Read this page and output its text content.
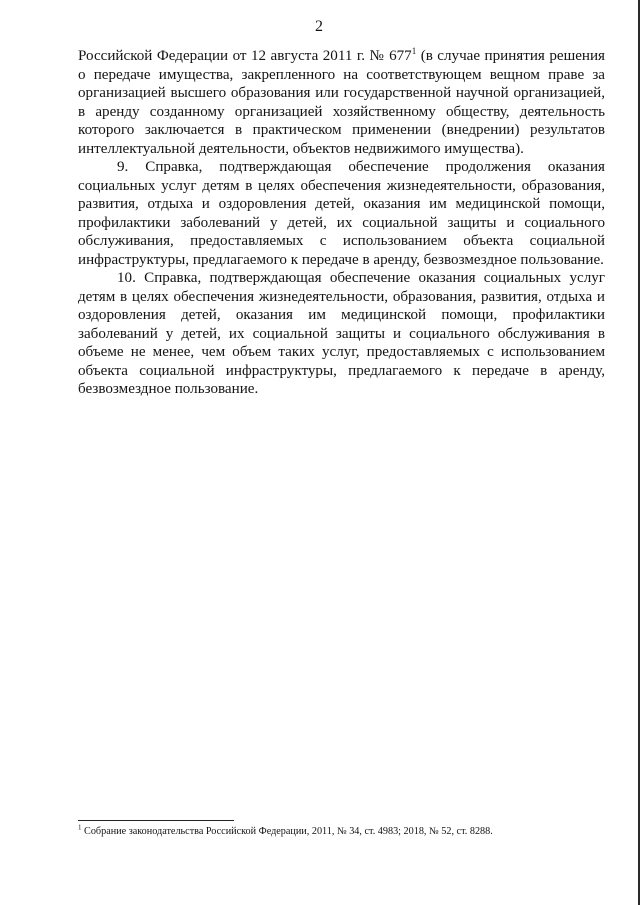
2

Российской Федерации от 12 августа 2011 г. № $677^1$ (в случае принятия решения о передаче имущества, закрепленного на соответствующем вещном праве за организацией высшего образования или государственной научной организацией, в аренду созданному организацией хозяйственному обществу, деятельность которого заключается в практическом применении (внедрении) результатов интеллектуальной деятельности, объектов недвижимого имущества).

9. Справка, подтверждающая обеспечение продолжения оказания социальных услуг детям в целях обеспечения жизнедеятельности, образования, развития, отдыха и оздоровления детей, оказания им медицинской помощи, профилактики заболеваний у детей, их социальной защиты и социального обслуживания, предоставляемых с использованием объекта социальной инфраструктуры, предлагаемого к передаче в аренду, безвозмездное пользование.

10. Справка, подтверждающая обеспечение оказания социальных услуг детям в целях обеспечения жизнедеятельности, образования, развития, отдыха и оздоровления детей, оказания им медицинской помощи, профилактики заболеваний у детей, их социальной защиты и социального обслуживания в объеме не менее, чем объем таких услуг, предоставляемых с использованием объекта социальной инфраструктуры, предлагаемого к передаче в аренду, безвозмездное пользование.

$^1$ Собрание законодательства Российской Федерации, 2011, № 34, ст. 4983; 2018, № 52, ст. 8288.
